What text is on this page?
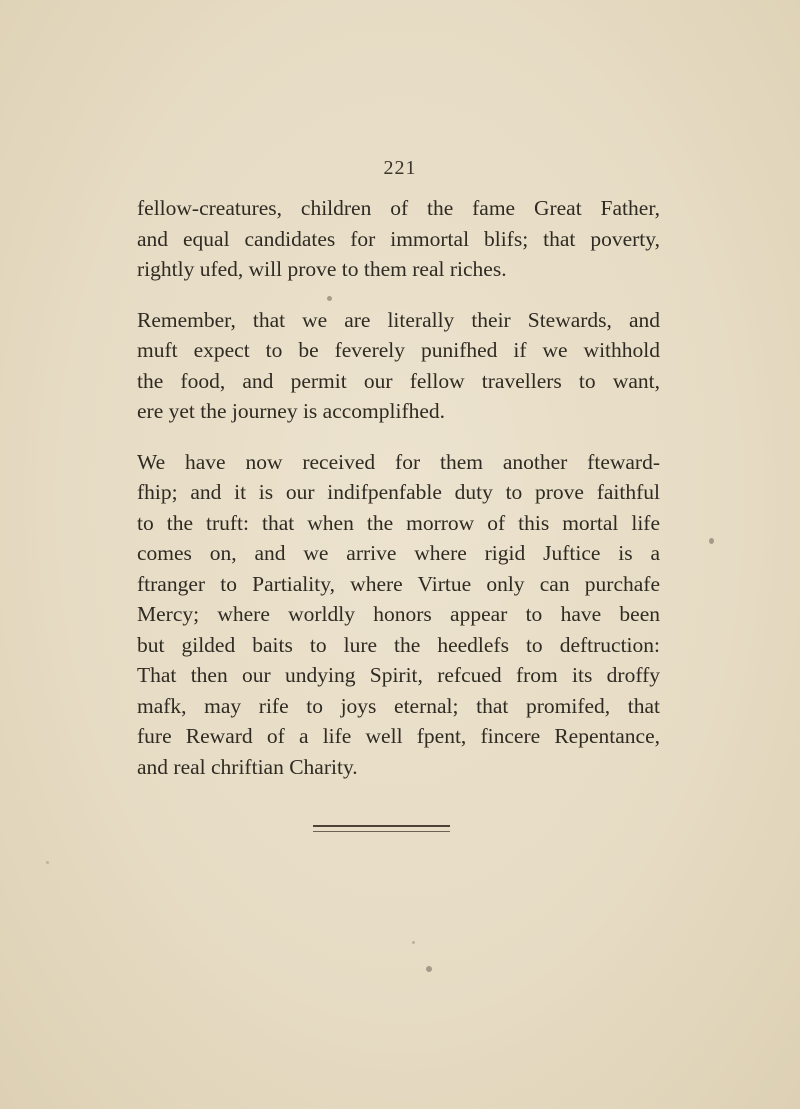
221
fellow-creatures, children of the fame Great Father,
and equal candidates for immortal blifs; that poverty,
rightly ufed, will prove to them real riches.
Remember, that we are literally their Stewards, and
muft expect to be feverely punifhed if we withhold
the food, and permit our fellow travellers to want,
ere yet the journey is accomplifhed.
We have now received for them another fteward-
fhip; and it is our indifpenfable duty to prove faithful
to the truft: that when the morrow of this mortal life
comes on, and we arrive where rigid Juftice is a
ftranger to Partiality, where Virtue only can purchafe
Mercy; where worldly honors appear to have been
but gilded baits to lure the heedlefs to deftruction:
That then our undying Spirit, refcued from its droffy
mafk, may rife to joys eternal; that promifed, that
fure Reward of a life well fpent, fincere Repentance,
and real chriftian Charity.
